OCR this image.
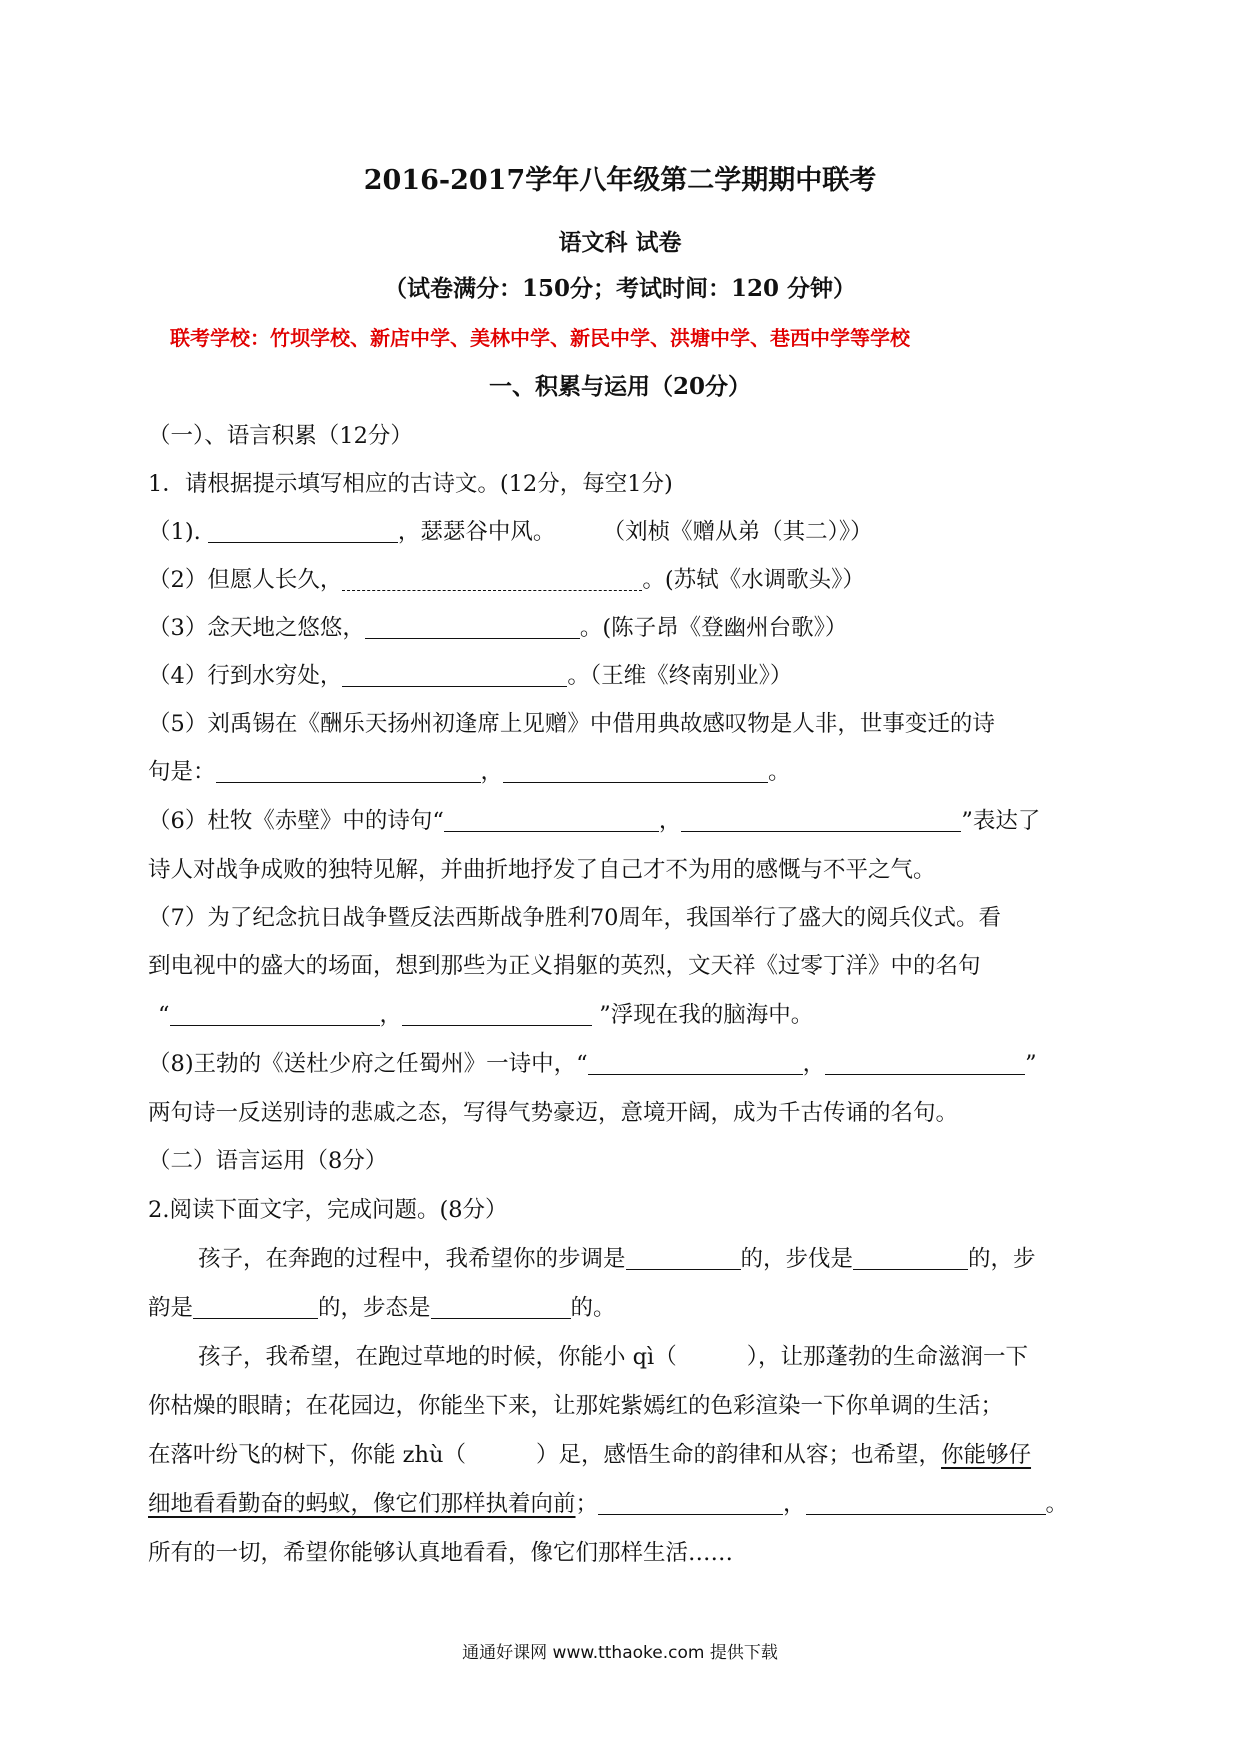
2016-2017学年八年级第二学期期中联考
语文科 试卷
（试卷满分：150分；考试时间：120 分钟）
联考学校：竹坝学校、新店中学、美林中学、新民中学、洪塘中学、巷西中学等学校
一、积累与运用（20分）
（一）、语言积累（12分）
1．请根据提示填写相应的古诗文。(12分，每空1分)
（1).	，瑟瑟谷中风。 （刘桢《赠从弟（其二）》）
（2）但愿人长久，	。(苏轼《水调歌头》）
（3）念天地之悠悠，	。(陈子昂《登幽州台歌》）
（4）行到水穷处，	。（王维《终南别业》）
（5）刘禹锡在《酬乐天扬州初逢席上见赠》中借用典故感叹物是人非，世事变迁的诗
句是：	，	。
（6）杜牧《赤壁》中的诗句“	，	”表达了
诗人对战争成败的独特见解，并曲折地抒发了自己才不为用的感慨与不平之气。
（7）为了纪念抗日战争暨反法西斯战争胜利70周年，我国举行了盛大的阅兵仪式。看
到电视中的盛大的场面，想到那些为正义捐躯的英烈，文天祥《过零丁洋》中的名句
“	，	”浮现在我的脑海中。
（8)王勃的《送杜少府之任蜀州》一诗中，“	，	”
两句诗一反送别诗的悲戚之态，写得气势豪迈，意境开阔，成为千古传诵的名句。
（二）语言运用（8分）
2.阅读下面文字，完成问题。(8分）
孩子，在奔跑的过程中，我希望你的步调是	的，步伐是	的，步
韵是	的，步态是	的。
孩子，我希望，在跑过草地的时候，你能小 qì（	），让那蓬勃的生命滋润一下
你枯燥的眼睛；在花园边，你能坐下来，让那姹紫嫣红的色彩渲染一下你单调的生活；
在落叶纷飞的树下，你能 zhù（	）足，感悟生命的韵律和从容；也希望，你能够仔
细地看看勤奋的蚂蚁，像它们那样执着向前；	，	。
所有的一切，希望你能够认真地看看，像它们那样生活……
通通好课网 www.tthaoke.com 提供下载
